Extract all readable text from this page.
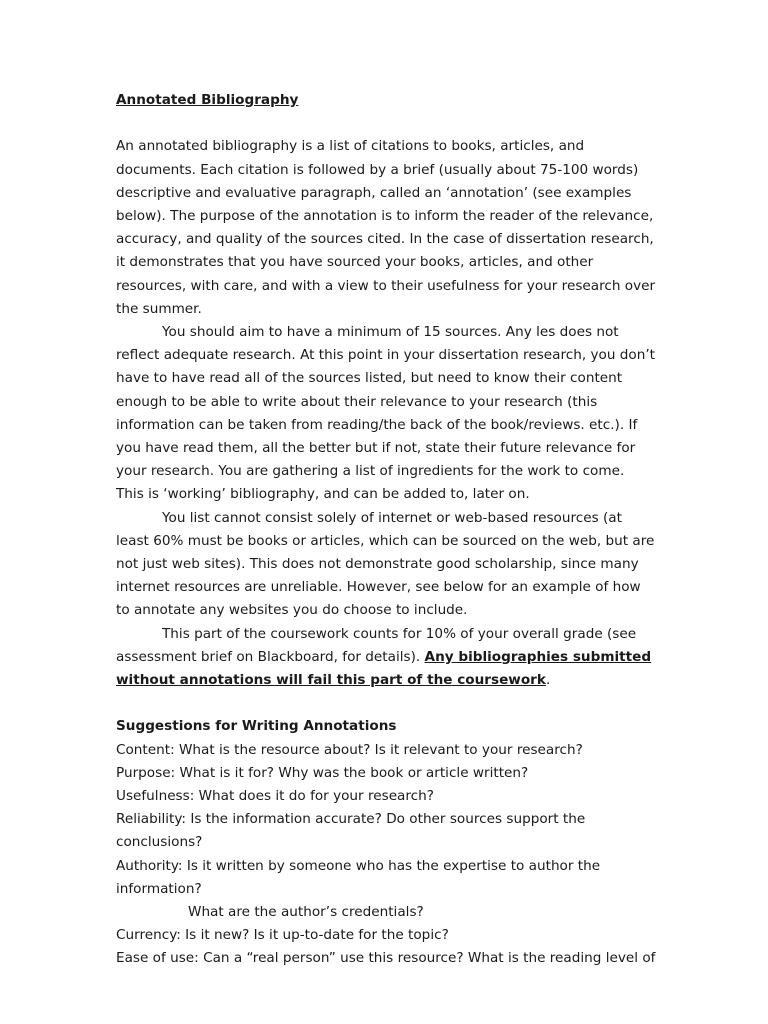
Annotated Bibliography

An annotated bibliography is a list of citations to books, articles, and documents. Each citation is followed by a brief (usually about 75-100 words) descriptive and evaluative paragraph, called an ‘annotation’ (see examples below). The purpose of the annotation is to inform the reader of the relevance, accuracy, and quality of the sources cited. In the case of dissertation research, it demonstrates that you have sourced your books, articles, and other resources, with care, and with a view to their usefulness for your research over the summer.

You should aim to have a minimum of 15 sources. Any les does not reflect adequate research. At this point in your dissertation research, you don’t have to have read all of the sources listed, but need to know their content enough to be able to write about their relevance to your research (this information can be taken from reading/the back of the book/reviews. etc.). If you have read them, all the better but if not, state their future relevance for your research. You are gathering a list of ingredients for the work to come. This is ‘working’ bibliography, and can be added to, later on.

You list cannot consist solely of internet or web-based resources (at least 60% must be books or articles, which can be sourced on the web, but are not just web sites). This does not demonstrate good scholarship, since many internet resources are unreliable. However, see below for an example of how to annotate any websites you do choose to include.

This part of the coursework counts for 10% of your overall grade (see assessment brief on Blackboard, for details). Any bibliographies submitted without annotations will fail this part of the coursework.

Suggestions for Writing Annotations

Content: What is the resource about? Is it relevant to your research?

Purpose: What is it for? Why was the book or article written?

Usefulness: What does it do for your research?

Reliability: Is the information accurate? Do other sources support the conclusions?

Authority: Is it written by someone who has the expertise to author the information?

What are the author’s credentials?

Currency: Is it new? Is it up-to-date for the topic?

Ease of use: Can a “real person” use this resource? What is the reading level of
